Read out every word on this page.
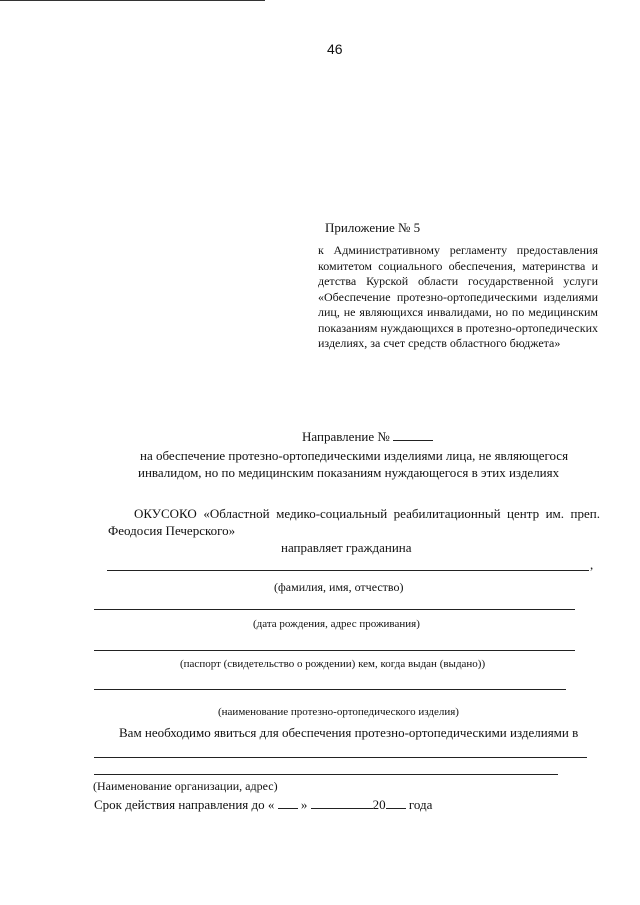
46
Приложение № 5
к Административному регламенту предоставления комитетом социального обеспечения, материнства и детства Курской области государственной услуги «Обеспечение протезно-ортопедическими изделиями лиц, не являющихся инвалидами, но по медицинским показаниям нуждающихся в протезно-ортопедических изделиях, за счет средств областного бюджета»
Направление №
на обеспечение протезно-ортопедическими изделиями лица, не являющегося
инвалидом, но по медицинским показаниям нуждающегося в этих изделиях
ОКУСОКО «Областной медико-социальный реабилитационный центр им. преп. Феодосия Печерского»
направляет гражданина
,
(фамилия, имя, отчество)
(дата рождения, адрес проживания)
(паспорт (свидетельство о рождении) кем, когда выдан (выдано))
(наименование протезно-ортопедического изделия)
Вам необходимо явиться для обеспечения протезно-ортопедическими изделиями в
(Наименование организации, адрес)
Срок действия направления до « »	20 года
